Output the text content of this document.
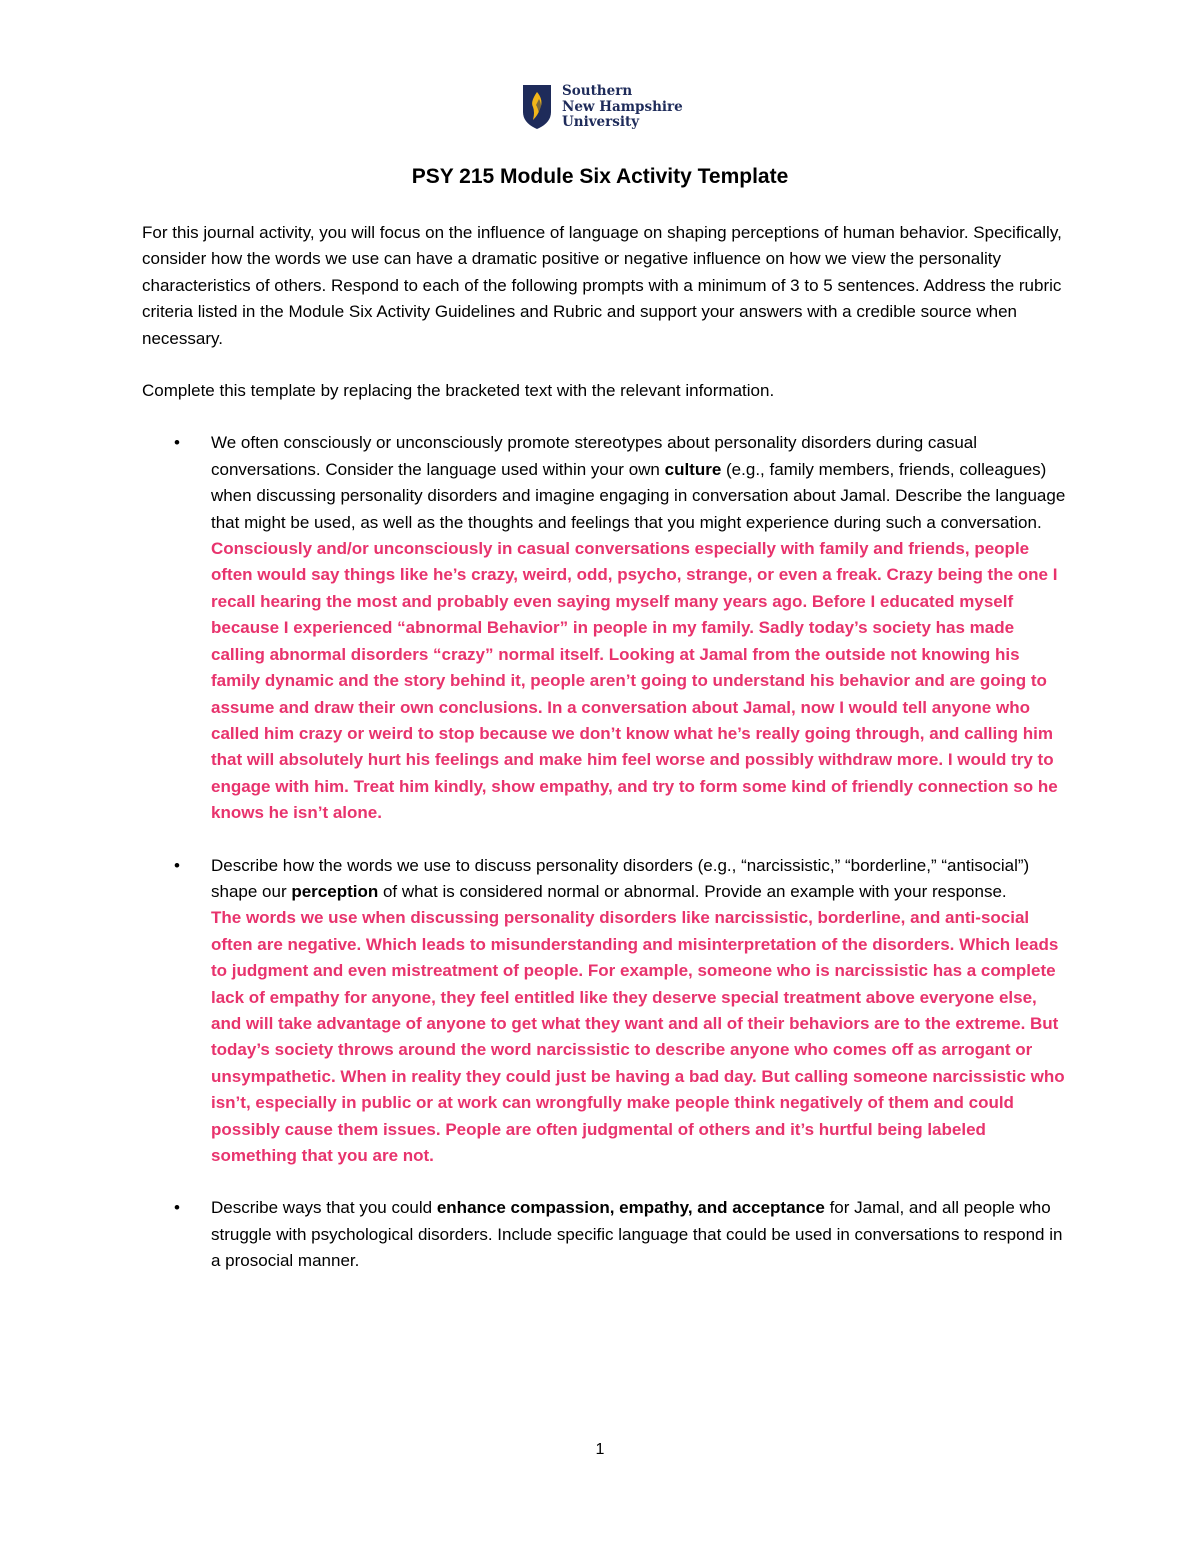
Southern
New Hampshire
University
PSY 215 Module Six Activity Template

For this journal activity, you will focus on the influence of language on shaping perceptions of human behavior. Specifically, consider how the words we use can have a dramatic positive or negative influence on how we view the personality characteristics of others. Respond to each of the following prompts with a minimum of 3 to 5 sentences. Address the rubric criteria listed in the Module Six Activity Guidelines and Rubric and support your answers with a credible source when necessary.

Complete this template by replacing the bracketed text with the relevant information.

• We often consciously or unconsciously promote stereotypes about personality disorders during casual conversations. Consider the language used within your own culture (e.g., family members, friends, colleagues) when discussing personality disorders and imagine engaging in conversation about Jamal. Describe the language that might be used, as well as the thoughts and feelings that you might experience during such a conversation.

Consciously and/or unconsciously in casual conversations especially with family and friends, people often would say things like he’s crazy, weird, odd, psycho, strange, or even a freak. Crazy being the one I recall hearing the most and probably even saying myself many years ago. Before I educated myself because I experienced “abnormal Behavior” in people in my family. Sadly today’s society has made calling abnormal disorders “crazy” normal itself. Looking at Jamal from the outside not knowing his family dynamic and the story behind it, people aren’t going to understand his behavior and are going to assume and draw their own conclusions. In a conversation about Jamal, now I would tell anyone who called him crazy or weird to stop because we don’t know what he’s really going through, and calling him that will absolutely hurt his feelings and make him feel worse and possibly withdraw more. I would try to engage with him. Treat him kindly, show empathy, and try to form some kind of friendly connection so he knows he isn’t alone.

• Describe how the words we use to discuss personality disorders (e.g., “narcissistic,” “borderline,” “antisocial”) shape our perception of what is considered normal or abnormal. Provide an example with your response.

The words we use when discussing personality disorders like narcissistic, borderline, and anti-social often are negative. Which leads to misunderstanding and misinterpretation of the disorders. Which leads to judgment and even mistreatment of people. For example, someone who is narcissistic has a complete lack of empathy for anyone, they feel entitled like they deserve special treatment above everyone else, and will take advantage of anyone to get what they want and all of their behaviors are to the extreme. But today’s society throws around the word narcissistic to describe anyone who comes off as arrogant or unsympathetic. When in reality they could just be having a bad day. But calling someone narcissistic who isn’t, especially in public or at work can wrongfully make people think negatively of them and could possibly cause them issues. People are often judgmental of others and it’s hurtful being labeled something that you are not.

• Describe ways that you could enhance compassion, empathy, and acceptance for Jamal, and all people who struggle with psychological disorders. Include specific language that could be used in conversations to respond in a prosocial manner.

1
